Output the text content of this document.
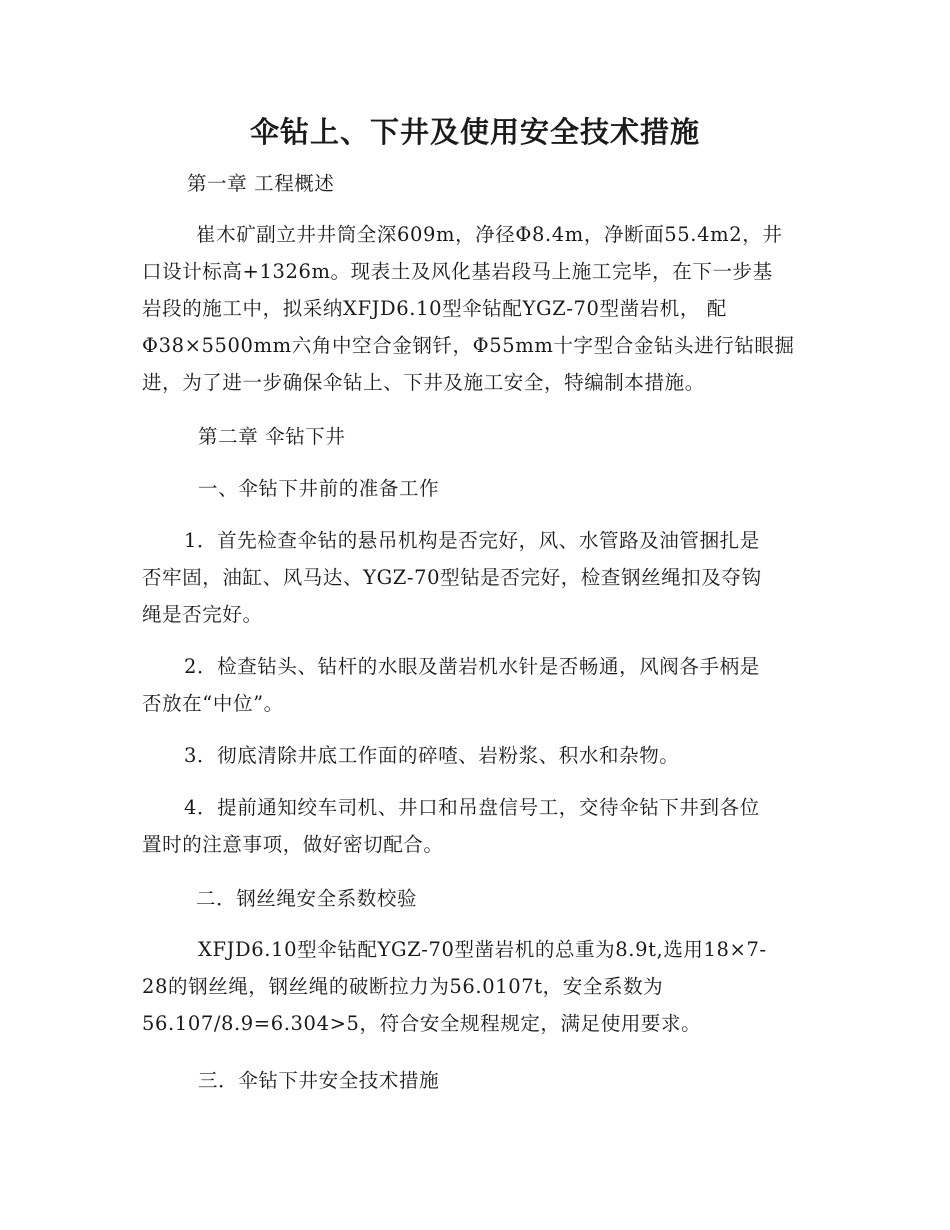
伞钻上、下井及使用安全技术措施
第一章 工程概述
崔木矿副立井井筒全深609m，净径Φ8.4m，净断面55.4m2，井
口设计标高+1326m。现表土及风化基岩段马上施工完毕，在下一步基
岩段的施工中，拟采纳XFJD6.10型伞钻配YGZ-70型凿岩机， 配
Φ38×5500mm六角中空合金钢钎，Φ55mm十字型合金钻头进行钻眼掘
进，为了进一步确保伞钻上、下井及施工安全，特编制本措施。
第二章 伞钻下井
一、伞钻下井前的准备工作
1．首先检查伞钻的悬吊机构是否完好，风、水管路及油管捆扎是
否牢固，油缸、风马达、YGZ-70型钻是否完好，检查钢丝绳扣及夺钩
绳是否完好。
2．检查钻头、钻杆的水眼及凿岩机水针是否畅通，风阀各手柄是
否放在“中位”。
3．彻底清除井底工作面的碎喳、岩粉浆、积水和杂物。
4．提前通知绞车司机、井口和吊盘信号工，交待伞钻下井到各位
置时的注意事项，做好密切配合。
二．钢丝绳安全系数校验
XFJD6.10型伞钻配YGZ-70型凿岩机的总重为8.9t,选用18×7-
28的钢丝绳，钢丝绳的破断拉力为56.0107t，安全系数为
56.107/8.9=6.304>5，符合安全规程规定，满足使用要求。
三．伞钻下井安全技术措施
